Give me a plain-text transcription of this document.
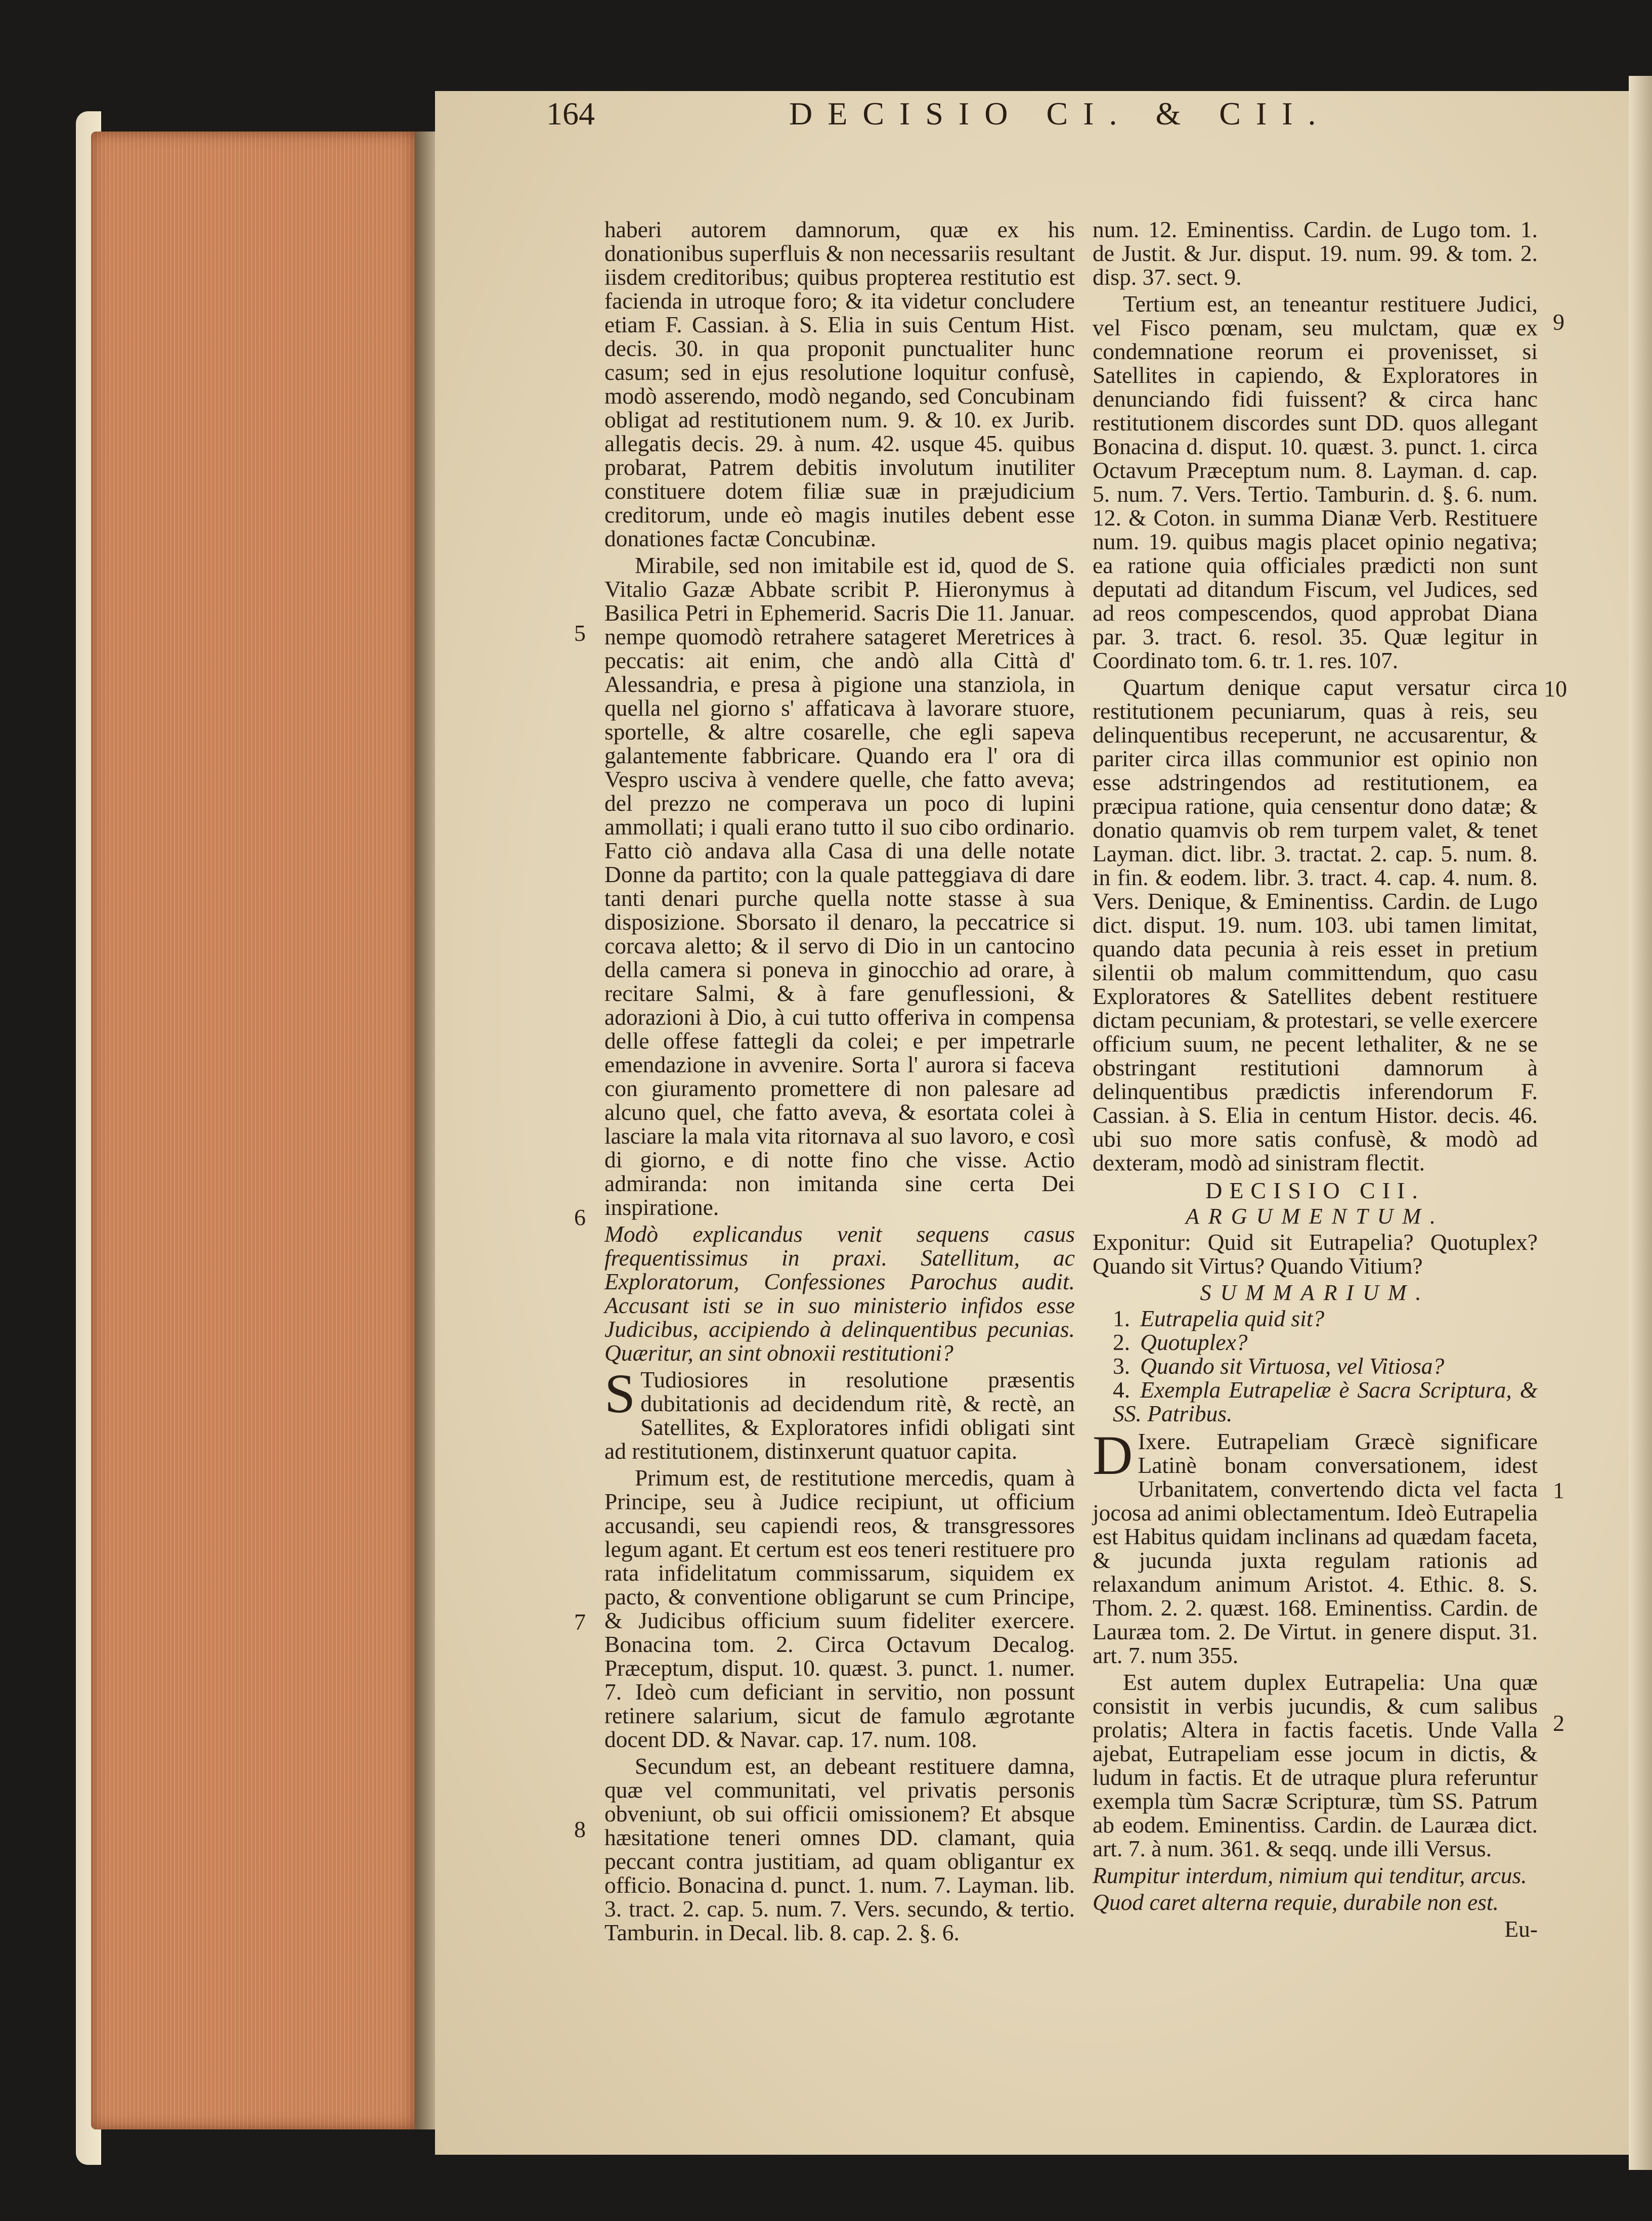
164	DECISIO CI. & CII.
5
6
7
8
9
10
1
2

haberi autorem damnorum, quæ ex his donationibus superfluis & non necessariis resultant iisdem creditoribus; quibus propterea restitutio est facienda in utroque foro; & ita videtur concludere etiam F. Cassian. à S. Elia in suis Centum Hist. decis. 30. in qua proponit punctualiter hunc casum; sed in ejus resolutione loquitur confusè, modò asserendo, modò negando, sed Concubinam obligat ad restitutionem num. 9. & 10. ex Jurib. allegatis decis. 29. à num. 42. usque 45. quibus probarat, Patrem debitis involutum inutiliter constituere dotem filiæ suæ in præjudicium creditorum, unde eò magis inutiles debent esse donationes factæ Concubinæ.

Mirabile, sed non imitabile est id, quod de S. Vitalio Gazæ Abbate scribit P. Hieronymus à Basilica Petri in Ephemerid. Sacris Die 11. Januar. nempe quomodò retrahere satageret Meretrices à peccatis: ait enim, che andò alla Città d' Alessandria, e presa à pigione una stanziola, in quella nel giorno s' affaticava à lavorare stuore, sportelle, & altre cosarelle, che egli sapeva galantemente fabbricare. Quando era l' ora di Vespro usciva à vendere quelle, che fatto aveva; del prezzo ne comperava un poco di lupini ammollati; i quali erano tutto il suo cibo ordinario. Fatto ciò andava alla Casa di una delle notate Donne da partito; con la quale patteggiava di dare tanti denari purche quella notte stasse à sua disposizione. Sborsato il denaro, la peccatrice si corcava aletto; & il servo di Dio in un cantocino della camera si poneva in ginocchio ad orare, à recitare Salmi, & à fare genuflessioni, & adorazioni à Dio, à cui tutto offeriva in compensa delle offese fattegli da colei; e per impetrarle emendazione in avvenire. Sorta l' aurora si faceva con giuramento promettere di non palesare ad alcuno quel, che fatto aveva, & esortata colei à lasciare la mala vita ritornava al suo lavoro, e così di giorno, e di notte fino che visse. Actio admiranda: non imitanda sine certa Dei inspiratione.

Modò explicandus venit sequens casus frequentissimus in praxi. Satellitum, ac Exploratorum, Confessiones Parochus audit. Accusant isti se in suo ministerio infidos esse Judicibus, accipiendo à delinquentibus pecunias. Quæritur, an sint obnoxii restitutioni?

S Tudiosiores in resolutione præsentis dubitationis ad decidendum ritè, & rectè, an Satellites, & Exploratores infidi obligati sint ad restitutionem, distinxerunt quatuor capita.

Primum est, de restitutione mercedis, quam à Principe, seu à Judice recipiunt, ut officium accusandi, seu capiendi reos, & transgressores legum agant. Et certum est eos teneri restituere pro rata infidelitatum commissarum, siquidem ex pacto, & conventione obligarunt se cum Principe, & Judicibus officium suum fideliter exercere. Bonacina tom. 2. Circa Octavum Decalog. Præceptum, disput. 10. quæst. 3. punct. 1. numer. 7. Ideò cum deficiant in servitio, non possunt retinere salarium, sicut de famulo ægrotante docent DD. & Navar. cap. 17. num. 108.

Secundum est, an debeant restituere damna, quæ vel communitati, vel privatis personis obveniunt, ob sui officii omissionem? Et absque hæsitatione teneri omnes DD. clamant, quia peccant contra justitiam, ad quam obligantur ex officio. Bonacina d. punct. 1. num. 7. Layman. lib. 3. tract. 2. cap. 5. num. 7. Vers. secundo, & tertio. Tamburin. in Decal. lib. 8. cap. 2. §. 6.

num. 12. Eminentiss. Cardin. de Lugo tom. 1. de Justit. & Jur. disput. 19. num. 99. & tom. 2. disp. 37. sect. 9.

Tertium est, an teneantur restituere Judici, vel Fisco pœnam, seu mulctam, quæ ex condemnatione reorum ei provenisset, si Satellites in capiendo, & Exploratores in denunciando fidi fuissent? & circa hanc restitutionem discordes sunt DD. quos allegant Bonacina d. disput. 10. quæst. 3. punct. 1. circa Octavum Præceptum num. 8. Layman. d. cap. 5. num. 7. Vers. Tertio. Tamburin. d. §. 6. num. 12. & Coton. in summa Dianæ Verb. Restituere num. 19. quibus magis placet opinio negativa; ea ratione quia officiales prædicti non sunt deputati ad ditandum Fiscum, vel Judices, sed ad reos compescendos, quod approbat Diana par. 3. tract. 6. resol. 35. Quæ legitur in Coordinato tom. 6. tr. 1. res. 107.

Quartum denique caput versatur circa restitutionem pecuniarum, quas à reis, seu delinquentibus receperunt, ne accusarentur, & pariter circa illas communior est opinio non esse adstringendos ad restitutionem, ea præcipua ratione, quia censentur dono datæ; & donatio quamvis ob rem turpem valet, & tenet Layman. dict. libr. 3. tractat. 2. cap. 5. num. 8. in fin. & eodem. libr. 3. tract. 4. cap. 4. num. 8. Vers. Denique, & Eminentiss. Cardin. de Lugo dict. disput. 19. num. 103. ubi tamen limitat, quando data pecunia à reis esset in pretium silentii ob malum committendum, quo casu Exploratores & Satellites debent restituere dictam pecuniam, & protestari, se velle exercere officium suum, ne pecent lethaliter, & ne se obstringant restitutioni damnorum à delinquentibus prædictis inferendorum F. Cassian. à S. Elia in centum Histor. decis. 46. ubi suo more satis confusè, & modò ad dexteram, modò ad sinistram flectit.

DECISIO CII.
ARGUMENTUM.

Exponitur: Quid sit Eutrapelia? Quotuplex? Quando sit Virtus? Quando Vitium?

SUMMARIUM.
1. Eutrapelia quid sit?
2. Quotuplex?
3. Quando sit Virtuosa, vel Vitiosa?
4. Exempla Eutrapeliæ è Sacra Scriptura, & SS. Patribus.

D Ixere. Eutrapeliam Græcè significare Latinè bonam conversationem, idest Urbanitatem, convertendo dicta vel facta jocosa ad animi oblectamentum. Ideò Eutrapelia est Habitus quidam inclinans ad quædam faceta, & jucunda juxta regulam rationis ad relaxandum animum Aristot. 4. Ethic. 8. S. Thom. 2. 2. quæst. 168. Eminentiss. Cardin. de Lauræa tom. 2. De Virtut. in genere disput. 31. art. 7. num 355.

Est autem duplex Eutrapelia: Una quæ consistit in verbis jucundis, & cum salibus prolatis; Altera in factis facetis. Unde Valla ajebat, Eutrapeliam esse jocum in dictis, & ludum in factis. Et de utraque plura referuntur exempla tùm Sacræ Scripturæ, tùm SS. Patrum ab eodem. Eminentiss. Cardin. de Lauræa dict. art. 7. à num. 361. & seqq. unde illi Versus.

Rumpitur interdum, nimium qui tenditur, arcus.

Quod caret alterna requie, durabile non est.

Eu-
